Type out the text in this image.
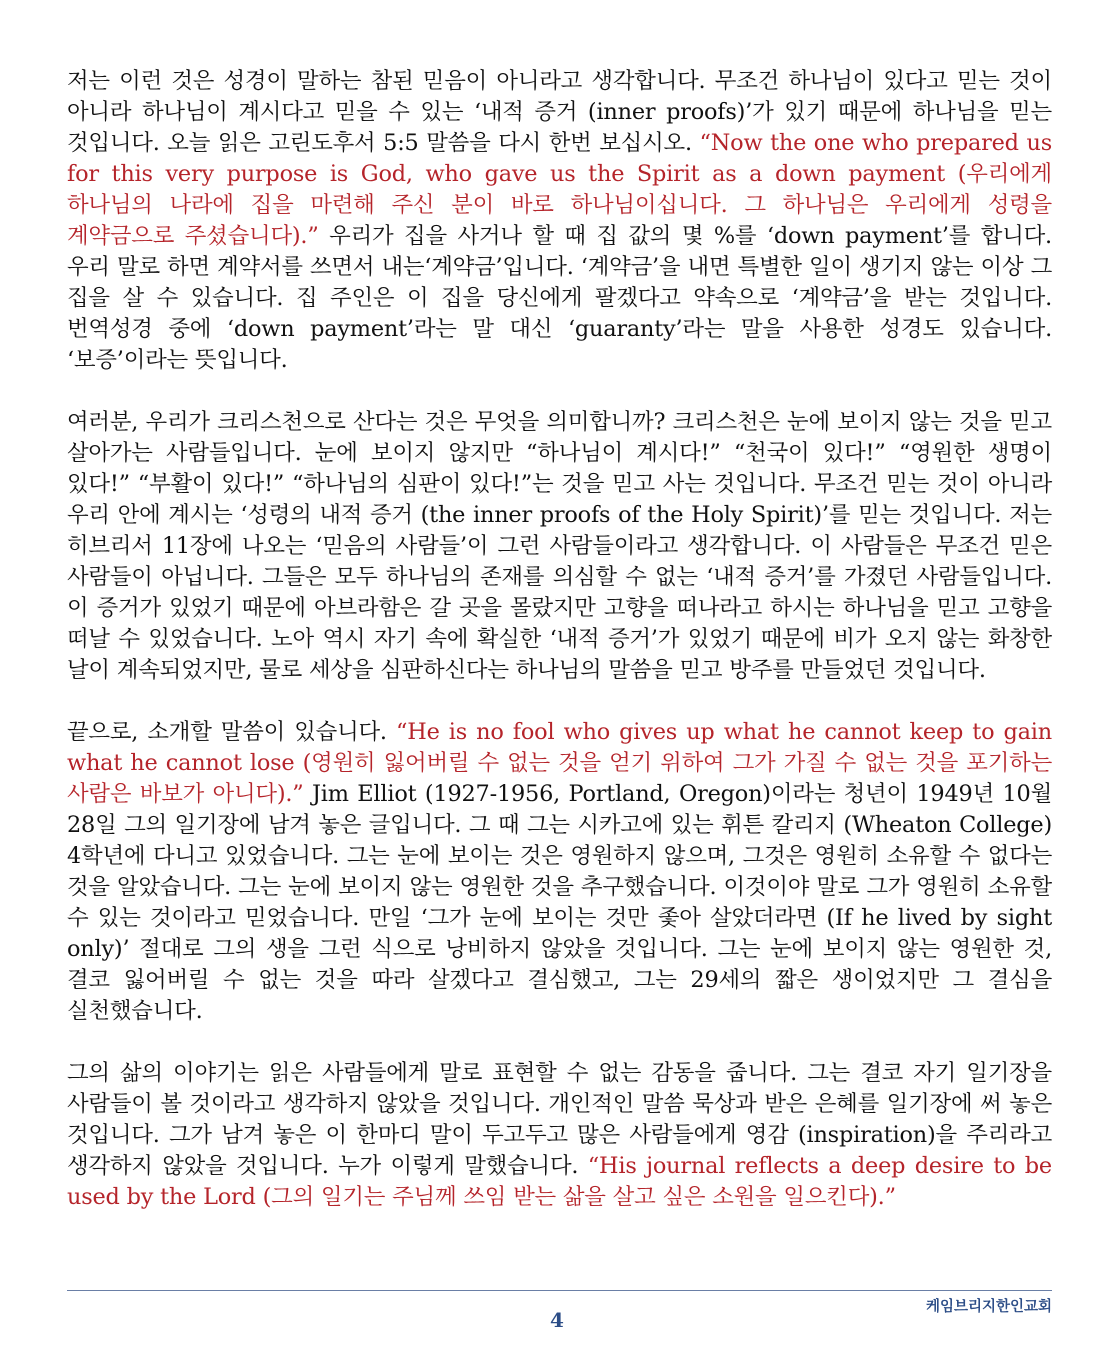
저는 이런 것은 성경이 말하는 참된 믿음이 아니라고 생각합니다. 무조건 하나님이 있다고 믿는 것이 아니라 하나님이 계시다고 믿을 수 있는 ‘내적 증거 (inner proofs)’가 있기 때문에 하나님을 믿는 것입니다. 오늘 읽은 고린도후서 5:5 말씀을 다시 한번 보십시오. “Now the one who prepared us for this very purpose is God, who gave us the Spirit as a down payment (우리에게 하나님의 나라에 집을 마련해 주신 분이 바로 하나님이십니다. 그 하나님은 우리에게 성령을 계약금으로 주셨습니다).” 우리가 집을 사거나 할 때 집 값의 몇 %를 ‘down payment’를 합니다. 우리 말로 하면 계약서를 쓰면서 내는‘계약금’입니다. ‘계약금’을 내면 특별한 일이 생기지 않는 이상 그 집을 살 수 있습니다. 집 주인은 이 집을 당신에게 팔겠다고 약속으로 ‘계약금’을 받는 것입니다. 번역성경 중에 ‘down payment’라는 말 대신 ‘guaranty’라는 말을 사용한 성경도 있습니다. ‘보증’이라는 뜻입니다.

여러분, 우리가 크리스천으로 산다는 것은 무엇을 의미합니까? 크리스천은 눈에 보이지 않는 것을 믿고 살아가는 사람들입니다. 눈에 보이지 않지만 “하나님이 계시다!” “천국이 있다!” “영원한 생명이 있다!” “부활이 있다!” “하나님의 심판이 있다!”는 것을 믿고 사는 것입니다. 무조건 믿는 것이 아니라 우리 안에 계시는 ‘성령의 내적 증거 (the inner proofs of the Holy Spirit)’를 믿는 것입니다. 저는 히브리서 11장에 나오는 ‘믿음의 사람들’이 그런 사람들이라고 생각합니다. 이 사람들은 무조건 믿은 사람들이 아닙니다. 그들은 모두 하나님의 존재를 의심할 수 없는 ‘내적 증거’를 가졌던 사람들입니다. 이 증거가 있었기 때문에 아브라함은 갈 곳을 몰랐지만 고향을 떠나라고 하시는 하나님을 믿고 고향을 떠날 수 있었습니다. 노아 역시 자기 속에 확실한 ‘내적 증거’가 있었기 때문에 비가 오지 않는 화창한 날이 계속되었지만, 물로 세상을 심판하신다는 하나님의 말씀을 믿고 방주를 만들었던 것입니다.

끝으로, 소개할 말씀이 있습니다. “He is no fool who gives up what he cannot keep to gain what he cannot lose (영원히 잃어버릴 수 없는 것을 얻기 위하여 그가 가질 수 없는 것을 포기하는 사람은 바보가 아니다).” Jim Elliot (1927-1956, Portland, Oregon)이라는 청년이 1949년 10월 28일 그의 일기장에 남겨 놓은 글입니다. 그 때 그는 시카고에 있는 휘튼 칼리지 (Wheaton College) 4학년에 다니고 있었습니다. 그는 눈에 보이는 것은 영원하지 않으며, 그것은 영원히 소유할 수 없다는 것을 알았습니다. 그는 눈에 보이지 않는 영원한 것을 추구했습니다. 이것이야 말로 그가 영원히 소유할 수 있는 것이라고 믿었습니다. 만일 ‘그가 눈에 보이는 것만 좇아 살았더라면 (If he lived by sight only)’ 절대로 그의 생을 그런 식으로 낭비하지 않았을 것입니다. 그는 눈에 보이지 않는 영원한 것, 결코 잃어버릴 수 없는 것을 따라 살겠다고 결심했고, 그는 29세의 짧은 생이었지만 그 결심을 실천했습니다.

그의 삶의 이야기는 읽은 사람들에게 말로 표현할 수 없는 감동을 줍니다. 그는 결코 자기 일기장을 사람들이 볼 것이라고 생각하지 않았을 것입니다. 개인적인 말씀 묵상과 받은 은혜를 일기장에 써 놓은 것입니다. 그가 남겨 놓은 이 한마디 말이 두고두고 많은 사람들에게 영감 (inspiration)을 주리라고 생각하지 않았을 것입니다. 누가 이렇게 말했습니다. “His journal reflects a deep desire to be used by the Lord (그의 일기는 주님께 쓰임 받는 삶을 살고 싶은 소원을 일으킨다).”

케임브리지한인교회
4
